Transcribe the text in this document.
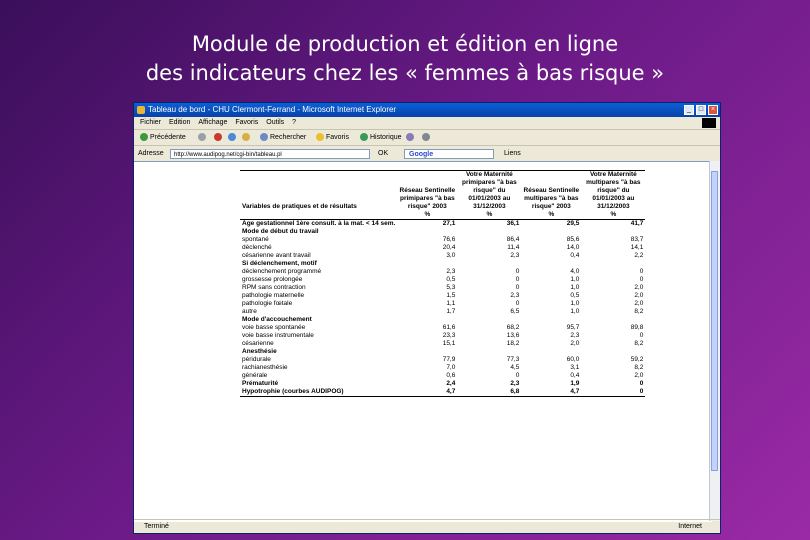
Module de production et édition en ligne
des indicateurs chez les « femmes à bas risque »
Tableau de bord - CHU Clermont-Ferrand - Microsoft Internet Explorer	_	□	×
Fichier Edition Affichage Favoris Outils ?
Précédente	Rechercher	Favoris	Historique
Adresse	http://www.audipog.net/cgi-bin/tableau.pl	OK	Google	Liens
Variables de pratiques et de résultats	Réseau Sentinelle primipares "à bas risque" 2003	Votre Maternité primipares "à bas risque" du 01/01/2003 au 31/12/2003	Réseau Sentinelle multipares "à bas risque" 2003	Votre Maternité multipares "à bas risque" du 01/01/2003 au 31/12/2003
	%	%	%	%
Age gestationnel 1ère consult. à la mat. < 14 sem.	27,1	36,1	29,5	41,7
Mode de début du travail				
spontané	76,6	86,4	85,6	83,7
déclenché	20,4	11,4	14,0	14,1
césarienne avant travail	3,0	2,3	0,4	2,2
Si déclenchement, motif				
déclenchement programmé	2,3	0	4,0	0
grossesse prolongée	0,5	0	1,0	0
RPM sans contraction	5,3	0	1,0	2,0
pathologie maternelle	1,5	2,3	0,5	2,0
pathologie fœtale	1,1	0	1,0	2,0
autre	1,7	6,5	1,0	8,2
Mode d'accouchement				
voie basse spontanée	61,6	68,2	95,7	89,8
voie basse instrumentale	23,3	13,6	2,3	0
césarienne	15,1	18,2	2,0	8,2
Anesthésie				
péridurale	77,9	77,3	60,0	59,2
rachianesthésie	7,0	4,5	3,1	8,2
générale	0,6	0	0,4	2,0
Prématurité	2,4	2,3	1,9	0
Hypotrophie (courbes AUDIPOG)	4,7	6,8	4,7	0
Terminé	Internet
